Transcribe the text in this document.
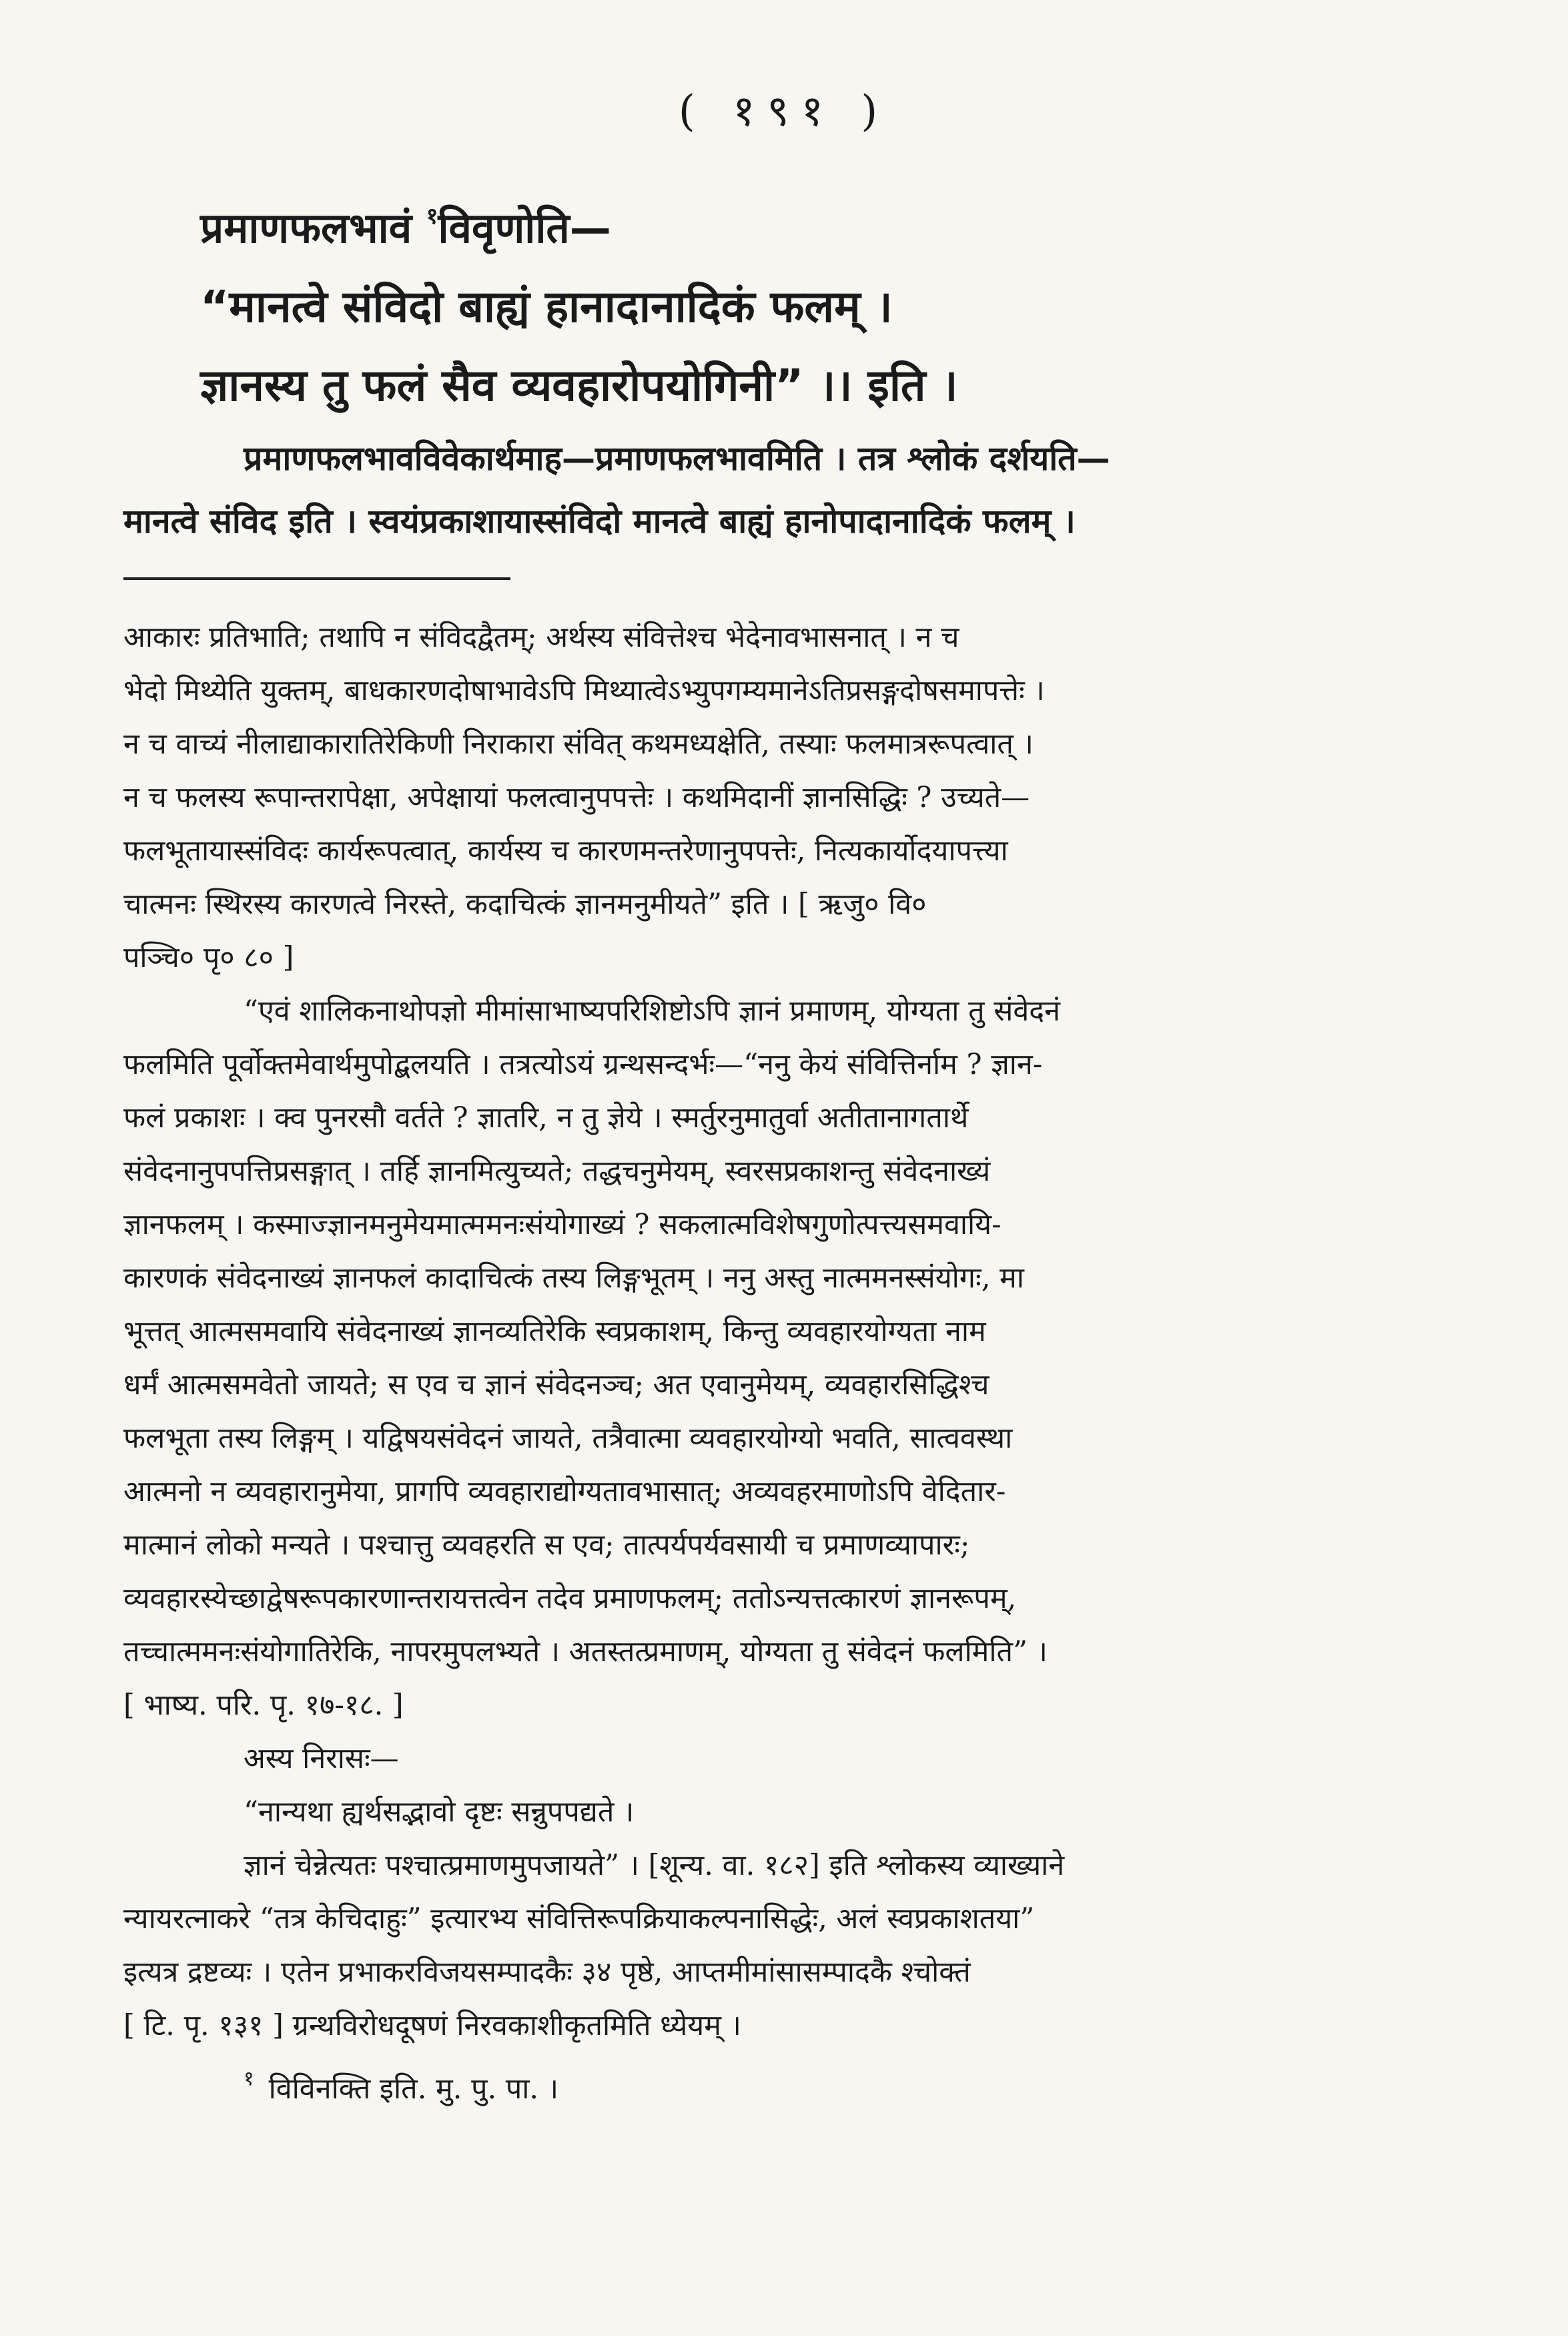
( १९१ )
प्रमाणफलभावं $^१$विवृणोति—
“मानत्वे संविदो बाह्यं हानादानादिकं फलम् ।
ज्ञानस्य तु फलं सैव व्यवहारोपयोगिनी” ।। इति ।
प्रमाणफलभावविवेकार्थमाह—प्रमाणफलभावमिति । तत्र श्लोकं दर्शयति—
मानत्वे संविद इति । स्वयंप्रकाशायास्संविदो मानत्वे बाह्यं हानोपादानादिकं फलम् ।
आकारः प्रतिभाति; तथापि न संविदद्वैतम्; अर्थस्य संवित्तेश्च भेदेनावभासनात् । न च
भेदो मिथ्येति युक्तम्, बाधकारणदोषाभावेऽपि मिथ्यात्वेऽभ्युपगम्यमानेऽतिप्रसङ्गदोषसमापत्तेः ।
न च वाच्यं नीलाद्याकारातिरेकिणी निराकारा संवित् कथमध्यक्षेति, तस्याः फलमात्ररूपत्वात् ।
न च फलस्य रूपान्तरापेक्षा, अपेक्षायां फलत्वानुपपत्तेः । कथमिदानीं ज्ञानसिद्धिः ? उच्यते—
फलभूतायास्संविदः कार्यरूपत्वात्, कार्यस्य च कारणमन्तरेणानुपपत्तेः, नित्यकार्योदयापत्त्या
चात्मनः स्थिरस्य कारणत्वे निरस्ते, कदाचित्कं ज्ञानमनुमीयते” इति । [ ऋजु० वि०
पञ्चि० पृ० ८० ]
“एवं शालिकनाथोपज्ञो मीमांसाभाष्यपरिशिष्टोऽपि ज्ञानं प्रमाणम्, योग्यता तु संवेदनं
फलमिति पूर्वोक्तमेवार्थमुपोद्बलयति । तत्रत्योऽयं ग्रन्थसन्दर्भः—“ननु केयं संवित्तिर्नाम ? ज्ञान-
फलं प्रकाशः । क्व पुनरसौ वर्तते ? ज्ञातरि, न तु ज्ञेये । स्मर्तुरनुमातुर्वा अतीतानागतार्थे
संवेदनानुपपत्तिप्रसङ्गात् । तर्हि ज्ञानमित्युच्यते; तद्धचनुमेयम्, स्वरसप्रकाशन्तु संवेदनाख्यं
ज्ञानफलम् । कस्माज्ज्ञानमनुमेयमात्ममनःसंयोगाख्यं ? सकलात्मविशेषगुणोत्पत्त्यसमवायि-
कारणकं संवेदनाख्यं ज्ञानफलं कादाचित्कं तस्य लिङ्गभूतम् । ननु अस्तु नात्ममनस्संयोगः, मा
भूत्तत् आत्मसमवायि संवेदनाख्यं ज्ञानव्यतिरेकि स्वप्रकाशम्, किन्तु व्यवहारयोग्यता नाम
धर्मं आत्मसमवेतो जायते; स एव च ज्ञानं संवेदनञ्च; अत एवानुमेयम्, व्यवहारसिद्धिश्च
फलभूता तस्य लिङ्गम् । यद्विषयसंवेदनं जायते, तत्रैवात्मा व्यवहारयोग्यो भवति, सात्ववस्था
आत्मनो न व्यवहारानुमेया, प्रागपि व्यवहाराद्योग्यतावभासात्; अव्यवहरमाणोऽपि वेदितार-
मात्मानं लोको मन्यते । पश्चात्तु व्यवहरति स एव; तात्पर्यपर्यवसायी च प्रमाणव्यापारः;
व्यवहारस्येच्छाद्वेषरूपकारणान्तरायत्तत्वेन तदेव प्रमाणफलम्; ततोऽन्यत्तत्कारणं ज्ञानरूपम्,
तच्चात्ममनःसंयोगातिरेकि, नापरमुपलभ्यते । अतस्तत्प्रमाणम्, योग्यता तु संवेदनं फलमिति” ।
[ भाष्य. परि. पृ. १७-१८. ]
अस्य निरासः—
“नान्यथा ह्यर्थसद्भावो दृष्टः सन्नुपपद्यते ।
ज्ञानं चेन्नेत्यतः पश्चात्प्रमाणमुपजायते” । [शून्य. वा. १८२] इति श्लोकस्य व्याख्याने
न्यायरत्नाकरे “तत्र केचिदाहुः” इत्यारभ्य संवित्तिरूपक्रियाकल्पनासिद्धेः, अलं स्वप्रकाशतया”
इत्यत्र द्रष्टव्यः । एतेन प्रभाकरविजयसम्पादकैः ३४ पृष्ठे, आप्तमीमांसासम्पादकै श्चोक्तं
[ टि. पृ. १३१ ] ग्रन्थविरोधदूषणं निरवकाशीकृतमिति ध्येयम् ।
$^१$ विविनक्ति इति. मु. पु. पा. ।
